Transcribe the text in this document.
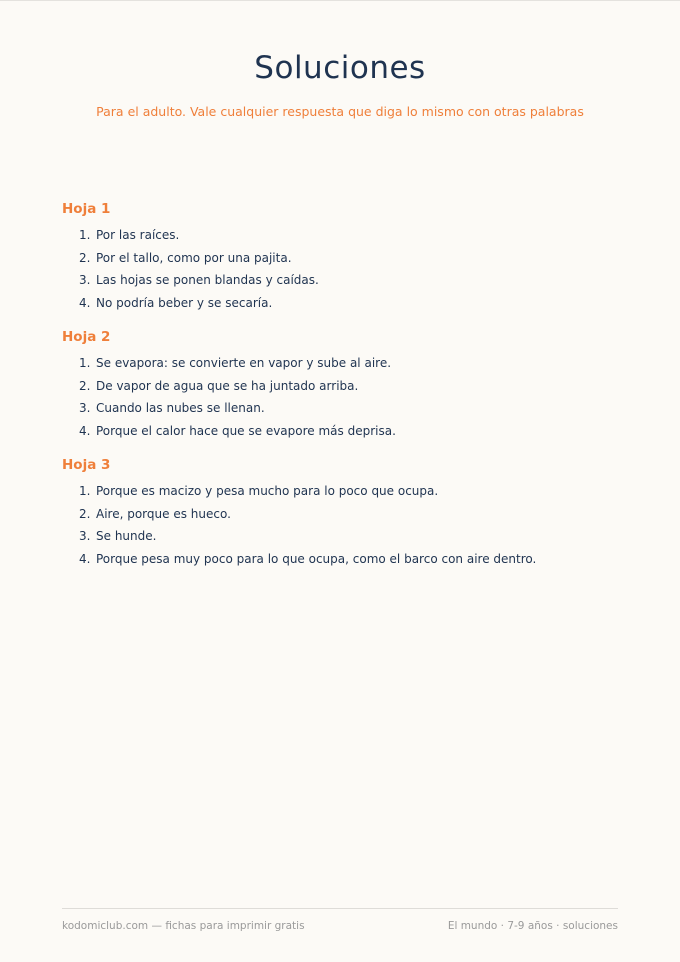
Soluciones
Para el adulto. Vale cualquier respuesta que diga lo mismo con otras palabras
Hoja 1
1. Por las raíces.
2. Por el tallo, como por una pajita.
3. Las hojas se ponen blandas y caídas.
4. No podría beber y se secaría.
Hoja 2
1. Se evapora: se convierte en vapor y sube al aire.
2. De vapor de agua que se ha juntado arriba.
3. Cuando las nubes se llenan.
4. Porque el calor hace que se evapore más deprisa.
Hoja 3
1. Porque es macizo y pesa mucho para lo poco que ocupa.
2. Aire, porque es hueco.
3. Se hunde.
4. Porque pesa muy poco para lo que ocupa, como el barco con aire dentro.
kodomiclub.com — fichas para imprimir gratis	El mundo · 7-9 años · soluciones
